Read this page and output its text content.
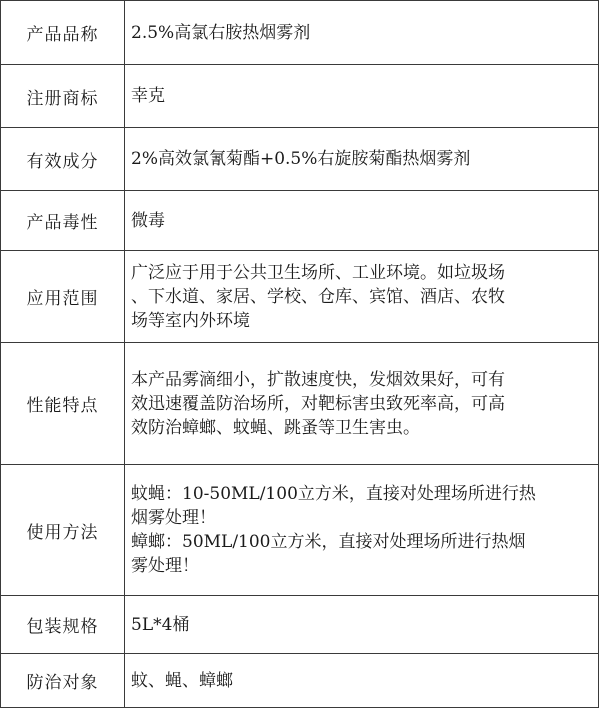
产品品称	2.5%高氯右胺热烟雾剂

注册商标	幸克

有效成分	2%高效氯氰菊酯+0.5%右旋胺菊酯热烟雾剂

产品毒性	微毒

应用范围	广泛应于用于公共卫生场所、工业环境。如垃圾场
、下水道、家居、学校、仓库、宾馆、酒店、农牧
场等室内外环境

性能特点	本产品雾滴细小，扩散速度快，发烟效果好，可有
效迅速覆盖防治场所，对靶标害虫致死率高，可高
效防治蟑螂、蚊蝇、跳蚤等卫生害虫。

使用方法	蚊蝇：10-50ML/100立方米，直接对处理场所进行热
烟雾处理！
蟑螂：50ML/100立方米，直接对处理场所进行热烟
雾处理！

包装规格	5L*4桶

防治对象	蚊、蝇、蟑螂
